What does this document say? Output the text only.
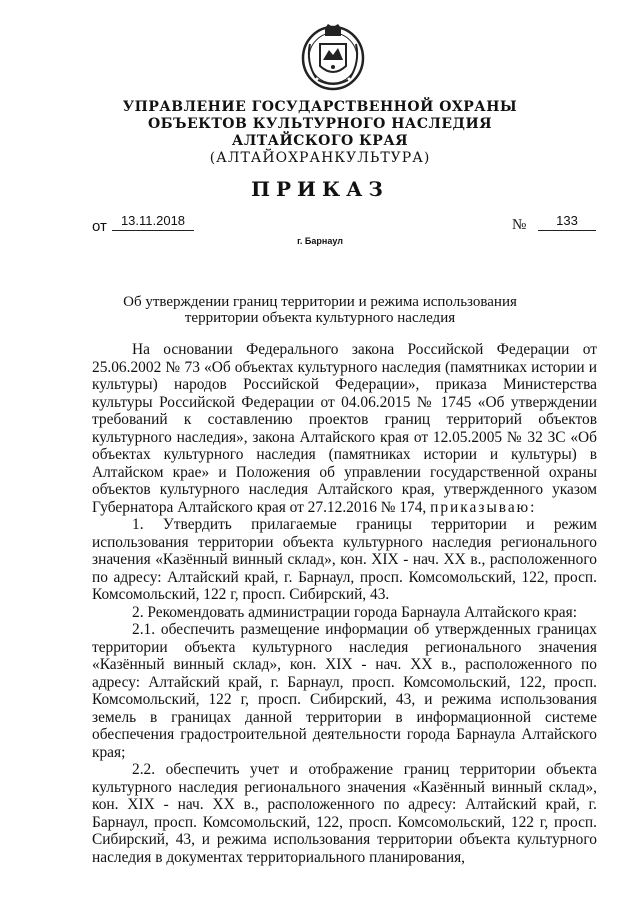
УПРАВЛЕНИЕ ГОСУДАРСТВЕННОЙ ОХРАНЫ
ОБЪЕКТОВ КУЛЬТУРНОГО НАСЛЕДИЯ
АЛТАЙСКОГО КРАЯ
(АЛТАЙОХРАНКУЛЬТУРА)
ПРИКАЗ
от	13.11.2018	№	133
г. Барнаул
Об утверждении границ территории и режима использования
территории объекта культурного наследия

На основании Федерального закона Российской Федерации от 25.06.2002 № 73 «Об объектах культурного наследия (памятниках истории и культуры) народов Российской Федерации», приказа Министерства культуры Российской Федерации от 04.06.2015 № 1745 «Об утверждении требований к составлению проектов границ территорий объектов культурного наследия», закона Алтайского края от 12.05.2005 № 32 ЗС «Об объектах культурного наследия (памятниках истории и культуры) в Алтайском крае» и Положения об управлении государственной охраны объектов культурного наследия Алтайского края, утвержденного указом Губернатора Алтайского края от 27.12.2016 № 174, приказываю:

1. Утвердить прилагаемые границы территории и режим использования территории объекта культурного наследия регионального значения «Казённый винный склад», кон. XIX - нач. XX в., расположенного по адресу: Алтайский край, г. Барнаул, просп. Комсомольский, 122, просп. Комсомольский, 122 г, просп. Сибирский, 43.

2. Рекомендовать администрации города Барнаула Алтайского края:

2.1. обеспечить размещение информации об утвержденных границах территории объекта культурного наследия регионального значения «Казённый винный склад», кон. XIX - нач. XX в., расположенного по адресу: Алтайский край, г. Барнаул, просп. Комсомольский, 122, просп. Комсомольский, 122 г, просп. Сибирский, 43, и режима использования земель в границах данной территории в информационной системе обеспечения градостроительной деятельности города Барнаула Алтайского края;

2.2. обеспечить учет и отображение границ территории объекта культурного наследия регионального значения «Казённый винный склад», кон. XIX - нач. XX в., расположенного по адресу: Алтайский край, г. Барнаул, просп. Комсомольский, 122, просп. Комсомольский, 122 г, просп. Сибирский, 43, и режима использования территории объекта культурного наследия в документах территориального планирования,
